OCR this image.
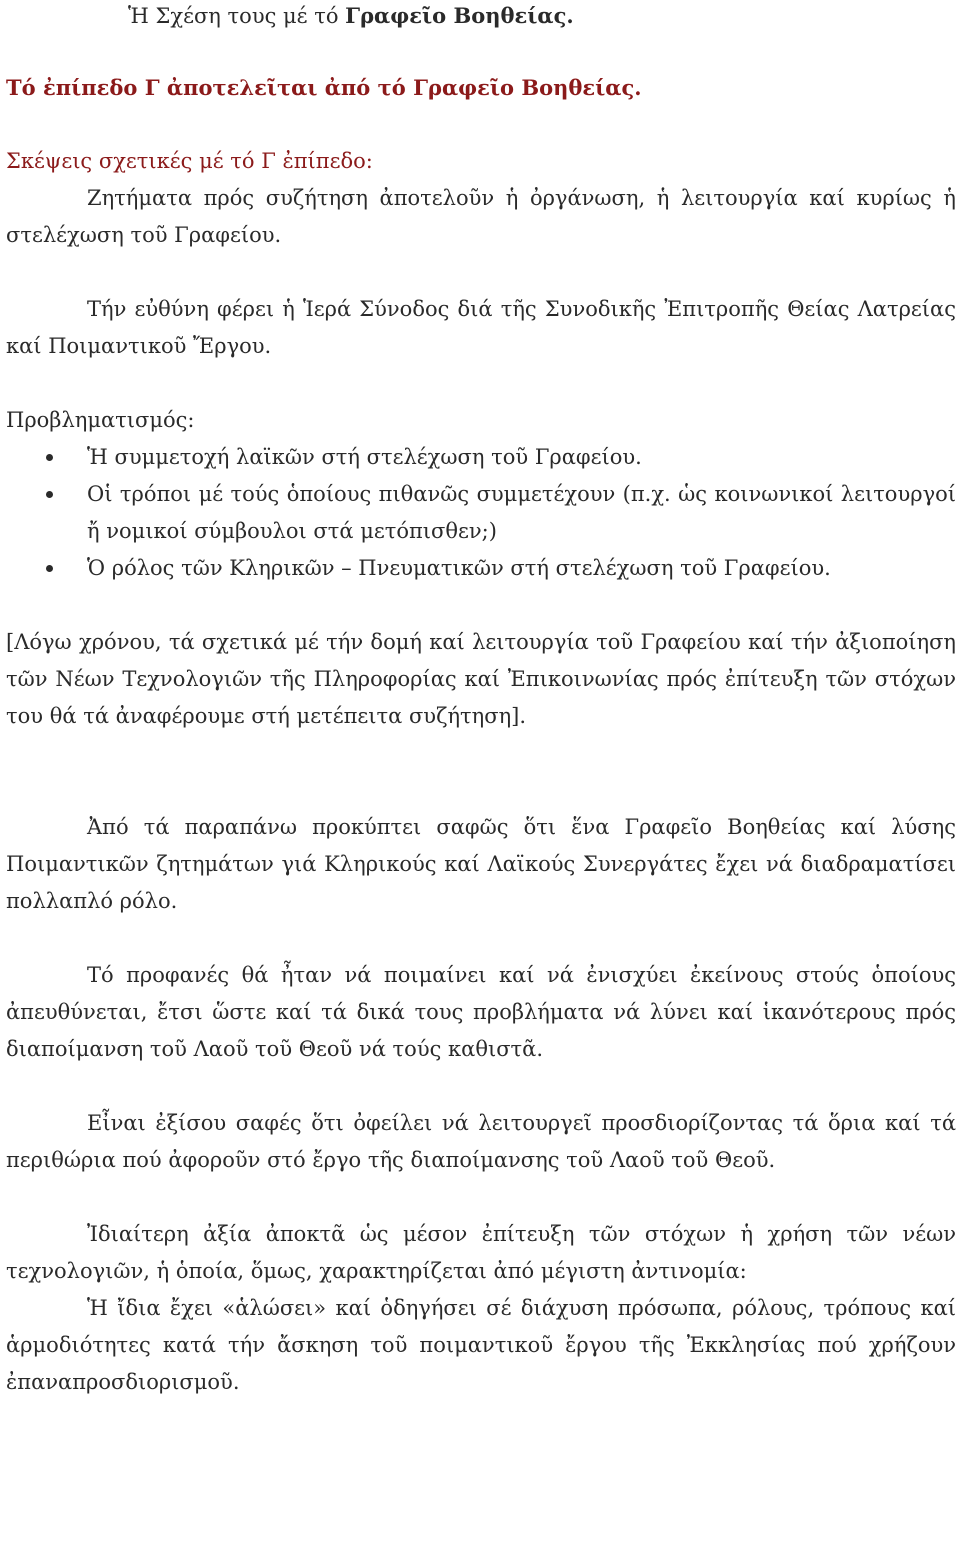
Ἡ Σχέση τους μέ τό Γραφεῖο Βοηθείας.

Τό ἐπίπεδο Γ ἀποτελεῖται ἀπό τό Γραφεῖο Βοηθείας.

Σκέψεις σχετικές μέ τό Γ ἐπίπεδο:

Ζητήματα πρός συζήτηση ἀποτελοῦν ἡ ὀργάνωση, ἡ λειτουργία καί κυρίως ἡ στελέχωση τοῦ Γραφείου.

Τήν εὐθύνη φέρει ἡ Ἱερά Σύνοδος διά τῆς Συνοδικῆς Ἐπιτροπῆς Θείας Λατρείας καί Ποιμαντικοῦ Ἔργου.

Προβληματισμός:

Ἡ συμμετοχή λαϊκῶν στή στελέχωση τοῦ Γραφείου.
Οἱ τρόποι μέ τούς ὁποίους πιθανῶς συμμετέχουν (π.χ. ὡς κοινωνικοί λειτουργοί ἤ νομικοί σύμβουλοι στά μετόπισθεν;)
Ὁ ρόλος τῶν Κληρικῶν – Πνευματικῶν στή στελέχωση τοῦ Γραφείου.

[Λόγω χρόνου, τά σχετικά μέ τήν δομή καί λειτουργία τοῦ Γραφείου καί τήν ἀξιοποίηση τῶν Νέων Τεχνολογιῶν τῆς Πληροφορίας καί Ἐπικοινωνίας πρός ἐπίτευξη τῶν στόχων του θά τά ἀναφέρουμε στή μετέπειτα συζήτηση].

Ἀπό τά παραπάνω προκύπτει σαφῶς ὅτι ἕνα Γραφεῖο Βοηθείας καί λύσης Ποιμαντικῶν ζητημάτων γιά Κληρικούς καί Λαϊκούς Συνεργάτες ἔχει νά διαδραματίσει πολλαπλό ρόλο.

Τό προφανές θά ἦταν νά ποιμαίνει καί νά ἐνισχύει ἐκείνους στούς ὁποίους ἀπευθύνεται, ἔτσι ὥστε καί τά δικά τους προβλήματα νά λύνει καί ἱκανότερους πρός διαποίμανση τοῦ Λαοῦ τοῦ Θεοῦ νά τούς καθιστᾶ.

Εἶναι ἐξίσου σαφές ὅτι ὀφείλει νά λειτουργεῖ προσδιορίζοντας τά ὅρια καί τά περιθώρια πού ἀφοροῦν στό ἔργο τῆς διαποίμανσης τοῦ Λαοῦ τοῦ Θεοῦ.

Ἰδιαίτερη ἀξία ἀποκτᾶ ὡς μέσον ἐπίτευξη τῶν στόχων ἡ χρήση τῶν νέων τεχνολογιῶν, ἡ ὁποία, ὅμως, χαρακτηρίζεται ἀπό μέγιστη ἀντινομία:

Ἡ ἴδια ἔχει «ἁλώσει» καί ὁδηγήσει σέ διάχυση πρόσωπα, ρόλους, τρόπους καί ἁρμοδιότητες κατά τήν ἄσκηση τοῦ ποιμαντικοῦ ἔργου τῆς Ἐκκλησίας πού χρήζουν ἐπαναπροσδιορισμοῦ.
